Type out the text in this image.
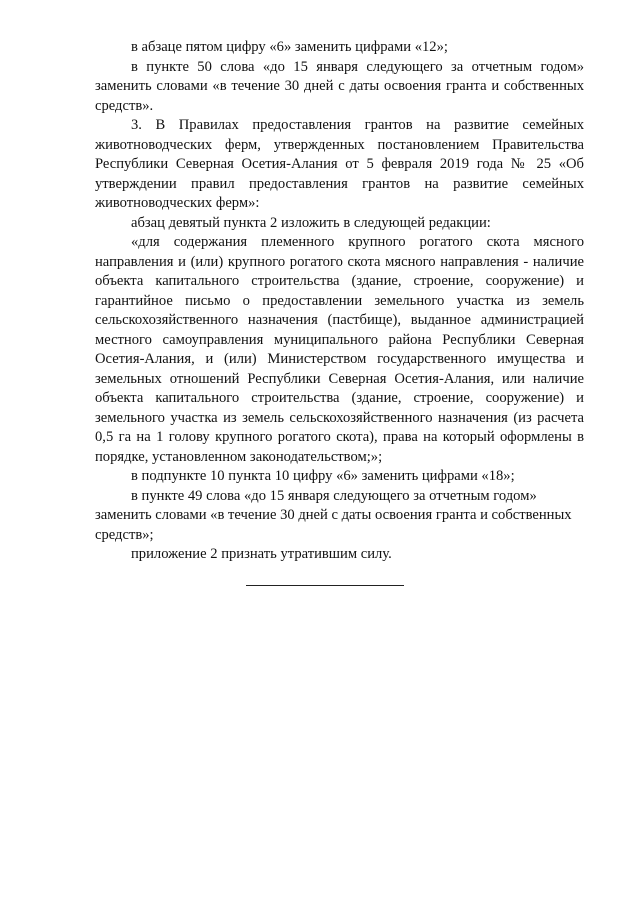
в абзаце пятом цифру «6» заменить цифрами «12»;

в пункте 50 слова «до 15 января следующего за отчетным годом» заменить словами «в течение 30 дней с даты освоения гранта и собственных средств».

3. В Правилах предоставления грантов на развитие семейных животноводческих ферм, утвержденных постановлением Правительства Республики Северная Осетия-Алания от 5 февраля 2019 года № 25 «Об утверждении правил предоставления грантов на развитие семейных животноводческих ферм»:

абзац девятый пункта 2 изложить в следующей редакции:

«для содержания племенного крупного рогатого скота мясного направления и (или) крупного рогатого скота мясного направления - наличие объекта капитального строительства (здание, строение, сооружение) и гарантийное письмо о предоставлении земельного участка из земель сельскохозяйственного назначения (пастбище), выданное администрацией местного самоуправления муниципального района Республики Северная Осетия-Алания, и (или) Министерством государственного имущества и земельных отношений Республики Северная Осетия-Алания, или наличие объекта капитального строительства (здание, строение, сооружение) и земельного участка из земель сельскохозяйственного назначения (из расчета 0,5 га на 1 голову крупного рогатого скота), права на который оформлены в порядке, установленном законодательством;»;

в подпункте 10 пункта 10 цифру «6» заменить цифрами «18»;

в пункте 49 слова «до 15 января следующего за отчетным годом» заменить словами «в течение 30 дней с даты освоения гранта и собственных средств»;

приложение 2 признать утратившим силу.
